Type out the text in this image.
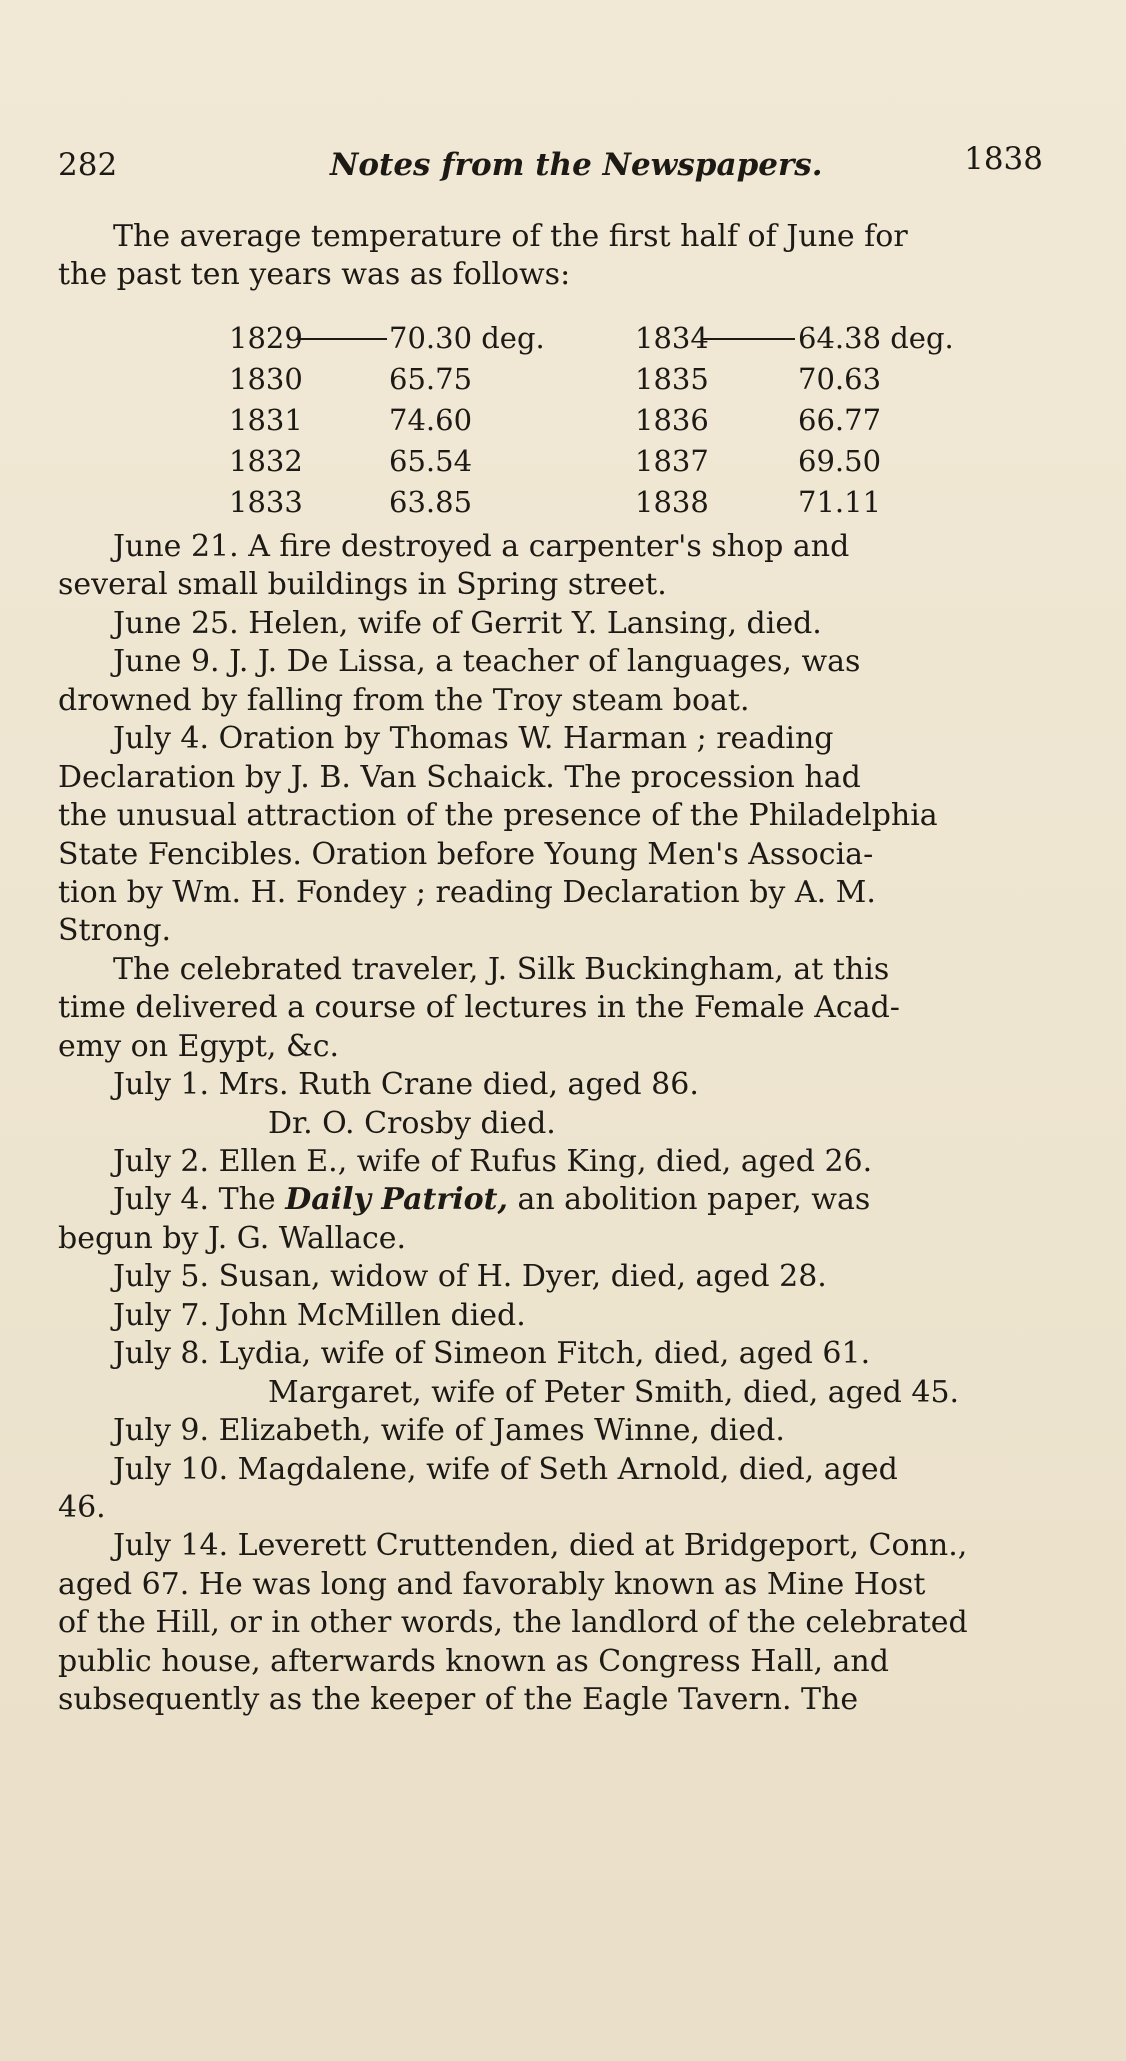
282	Notes from the Newspapers.	1838
The average temperature of the first half of June for
the past ten years was as follows:
1829	70.30 deg.	1834	64.38 deg.
1830	65.75	1835	70.63
1831	74.60	1836	66.77
1832	65.54	1837	69.50
1833	63.85	1838	71.11
June 21. A fire destroyed a carpenter's shop and
several small buildings in Spring street.
June 25. Helen, wife of Gerrit Y. Lansing, died.
June 9. J. J. De Lissa, a teacher of languages, was
drowned by falling from the Troy steam boat.
July 4. Oration by Thomas W. Harman ; reading
Declaration by J. B. Van Schaick. The procession had
the unusual attraction of the presence of the Philadelphia
State Fencibles. Oration before Young Men's Associa-
tion by Wm. H. Fondey ; reading Declaration by A. M.
Strong.
The celebrated traveler, J. Silk Buckingham, at this
time delivered a course of lectures in the Female Acad-
emy on Egypt, &c.
July 1. Mrs. Ruth Crane died, aged 86.
Dr. O. Crosby died.
July 2. Ellen E., wife of Rufus King, died, aged 26.
July 4. The Daily Patriot, an abolition paper, was
begun by J. G. Wallace.
July 5. Susan, widow of H. Dyer, died, aged 28.
July 7. John McMillen died.
July 8. Lydia, wife of Simeon Fitch, died, aged 61.
Margaret, wife of Peter Smith, died, aged 45.
July 9. Elizabeth, wife of James Winne, died.
July 10. Magdalene, wife of Seth Arnold, died, aged
46.
July 14. Leverett Cruttenden, died at Bridgeport, Conn.,
aged 67. He was long and favorably known as Mine Host
of the Hill, or in other words, the landlord of the celebrated
public house, afterwards known as Congress Hall, and
subsequently as the keeper of the Eagle Tavern. The
